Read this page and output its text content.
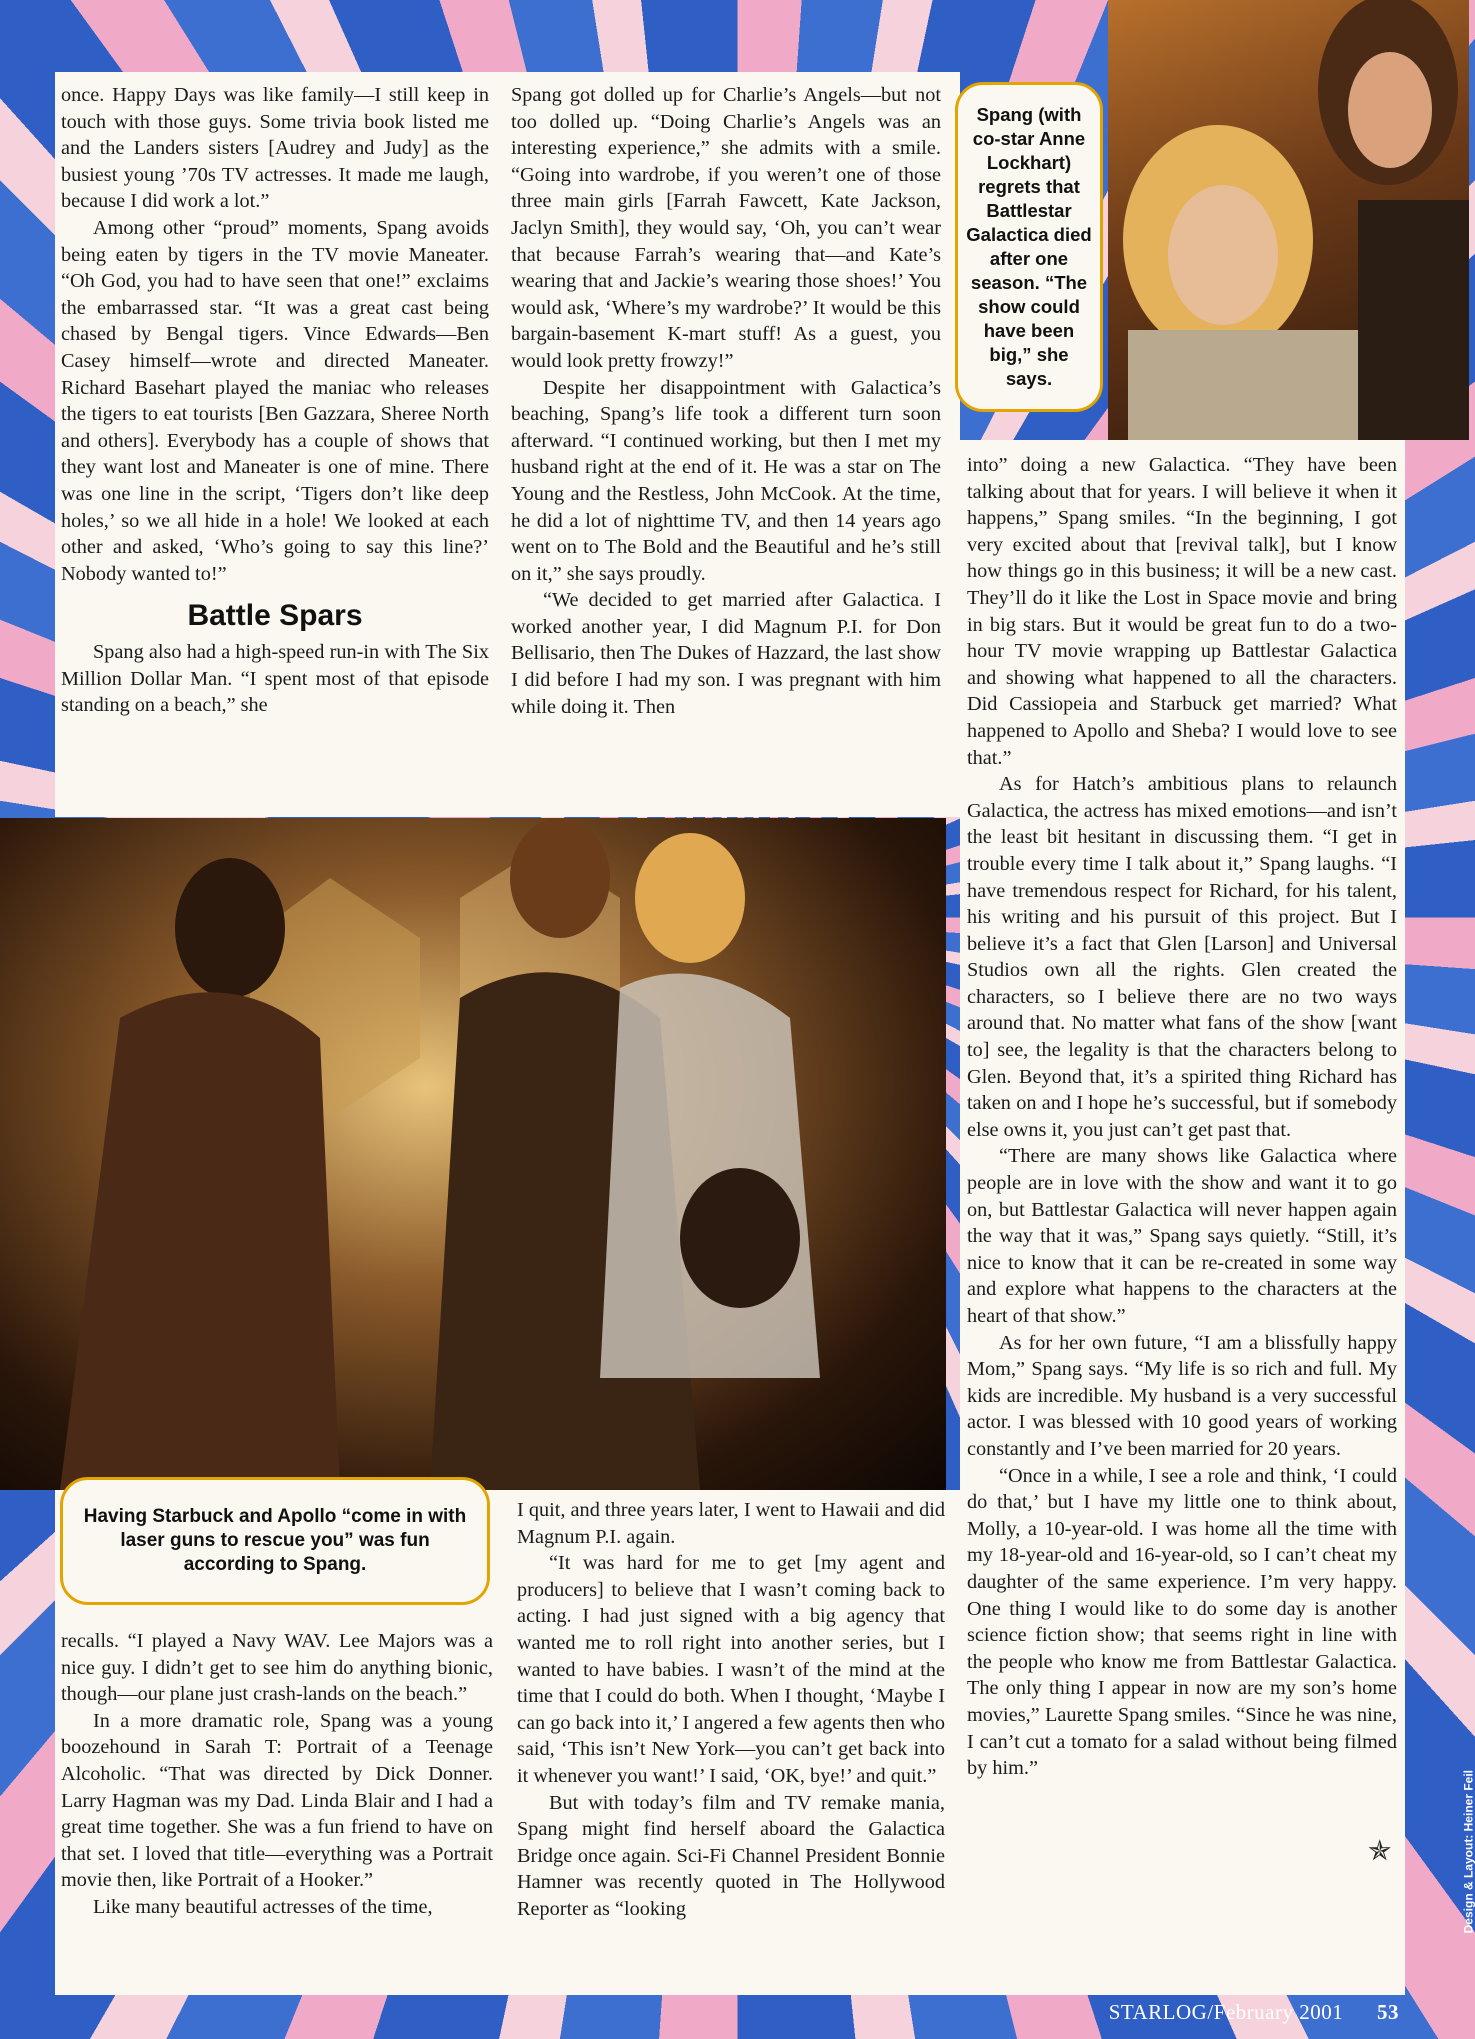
Spang (with co-star Anne Lockhart) regrets that Battlestar Galactica died after one season. “The show could have been big,” she says.

once. Happy Days was like family—I still keep in touch with those guys. Some trivia book listed me and the Landers sisters [Audrey and Judy] as the busiest young ’70s TV actresses. It made me laugh, because I did work a lot.”

Among other “proud” moments, Spang avoids being eaten by tigers in the TV movie Maneater. “Oh God, you had to have seen that one!” exclaims the embarrassed star. “It was a great cast being chased by Bengal tigers. Vince Edwards—Ben Casey himself—wrote and directed Maneater. Richard Basehart played the maniac who releases the tigers to eat tourists [Ben Gazzara, Sheree North and others]. Everybody has a couple of shows that they want lost and Maneater is one of mine. There was one line in the script, ‘Tigers don’t like deep holes,’ so we all hide in a hole! We looked at each other and asked, ‘Who’s going to say this line?’ Nobody wanted to!”

Battle Spars

Spang also had a high-speed run-in with The Six Million Dollar Man. “I spent most of that episode standing on a beach,” she

Spang got dolled up for Charlie’s Angels—but not too dolled up. “Doing Charlie’s Angels was an interesting experience,” she admits with a smile. “Going into wardrobe, if you weren’t one of those three main girls [Farrah Fawcett, Kate Jackson, Jaclyn Smith], they would say, ‘Oh, you can’t wear that because Farrah’s wearing that—and Kate’s wearing that and Jackie’s wearing those shoes!’ You would ask, ‘Where’s my wardrobe?’ It would be this bargain-basement K-mart stuff! As a guest, you would look pretty frowzy!”

Despite her disappointment with Galactica’s beaching, Spang’s life took a different turn soon afterward. “I continued working, but then I met my husband right at the end of it. He was a star on The Young and the Restless, John McCook. At the time, he did a lot of nighttime TV, and then 14 years ago went on to The Bold and the Beautiful and he’s still on it,” she says proudly.

“We decided to get married after Galactica. I worked another year, I did Magnum P.I. for Don Bellisario, then The Dukes of Hazzard, the last show I did before I had my son. I was pregnant with him while doing it. Then

into” doing a new Galactica. “They have been talking about that for years. I will believe it when it happens,” Spang smiles. “In the beginning, I got very excited about that [revival talk], but I know how things go in this business; it will be a new cast. They’ll do it like the Lost in Space movie and bring in big stars. But it would be great fun to do a two-hour TV movie wrapping up Battlestar Galactica and showing what happened to all the characters. Did Cassiopeia and Starbuck get married? What happened to Apollo and Sheba? I would love to see that.”

As for Hatch’s ambitious plans to relaunch Galactica, the actress has mixed emotions—and isn’t the least bit hesitant in discussing them. “I get in trouble every time I talk about it,” Spang laughs. “I have tremendous respect for Richard, for his talent, his writing and his pursuit of this project. But I believe it’s a fact that Glen [Larson] and Universal Studios own all the rights. Glen created the characters, so I believe there are no two ways around that. No matter what fans of the show [want to] see, the legality is that the characters belong to Glen. Beyond that, it’s a spirited thing Richard has taken on and I hope he’s successful, but if somebody else owns it, you just can’t get past that.

“There are many shows like Galactica where people are in love with the show and want it to go on, but Battlestar Galactica will never happen again the way that it was,” Spang says quietly. “Still, it’s nice to know that it can be re-created in some way and explore what happens to the characters at the heart of that show.”

As for her own future, “I am a blissfully happy Mom,” Spang says. “My life is so rich and full. My kids are incredible. My husband is a very successful actor. I was blessed with 10 good years of working constantly and I’ve been married for 20 years.

“Once in a while, I see a role and think, ‘I could do that,’ but I have my little one to think about, Molly, a 10-year-old. I was home all the time with my 18-year-old and 16-year-old, so I can’t cheat my daughter of the same experience. I’m very happy. One thing I would like to do some day is another science fiction show; that seems right in line with the people who know me from Battlestar Galactica. The only thing I appear in now are my son’s home movies,” Laurette Spang smiles. “Since he was nine, I can’t cut a tomato for a salad without being filmed by him.”

Having Starbuck and Apollo “come in with laser guns to rescue you” was fun according to Spang.

recalls. “I played a Navy WAV. Lee Majors was a nice guy. I didn’t get to see him do anything bionic, though—our plane just crash-lands on the beach.”

In a more dramatic role, Spang was a young boozehound in Sarah T: Portrait of a Teenage Alcoholic. “That was directed by Dick Donner. Larry Hagman was my Dad. Linda Blair and I had a great time together. She was a fun friend to have on that set. I loved that title—everything was a Portrait movie then, like Portrait of a Hooker.”

Like many beautiful actresses of the time,

I quit, and three years later, I went to Hawaii and did Magnum P.I. again.

“It was hard for me to get [my agent and producers] to believe that I wasn’t coming back to acting. I had just signed with a big agency that wanted me to roll right into another series, but I wanted to have babies. I wasn’t of the mind at the time that I could do both. When I thought, ‘Maybe I can go back into it,’ I angered a few agents then who said, ‘This isn’t New York—you can’t get back into it whenever you want!’ I said, ‘OK, bye!’ and quit.”

But with today’s film and TV remake mania, Spang might find herself aboard the Galactica Bridge once again. Sci-Fi Channel President Bonnie Hamner was recently quoted in The Hollywood Reporter as “looking

✯	Design & Layout: Heiner Feil
STARLOG/February 2001 53
